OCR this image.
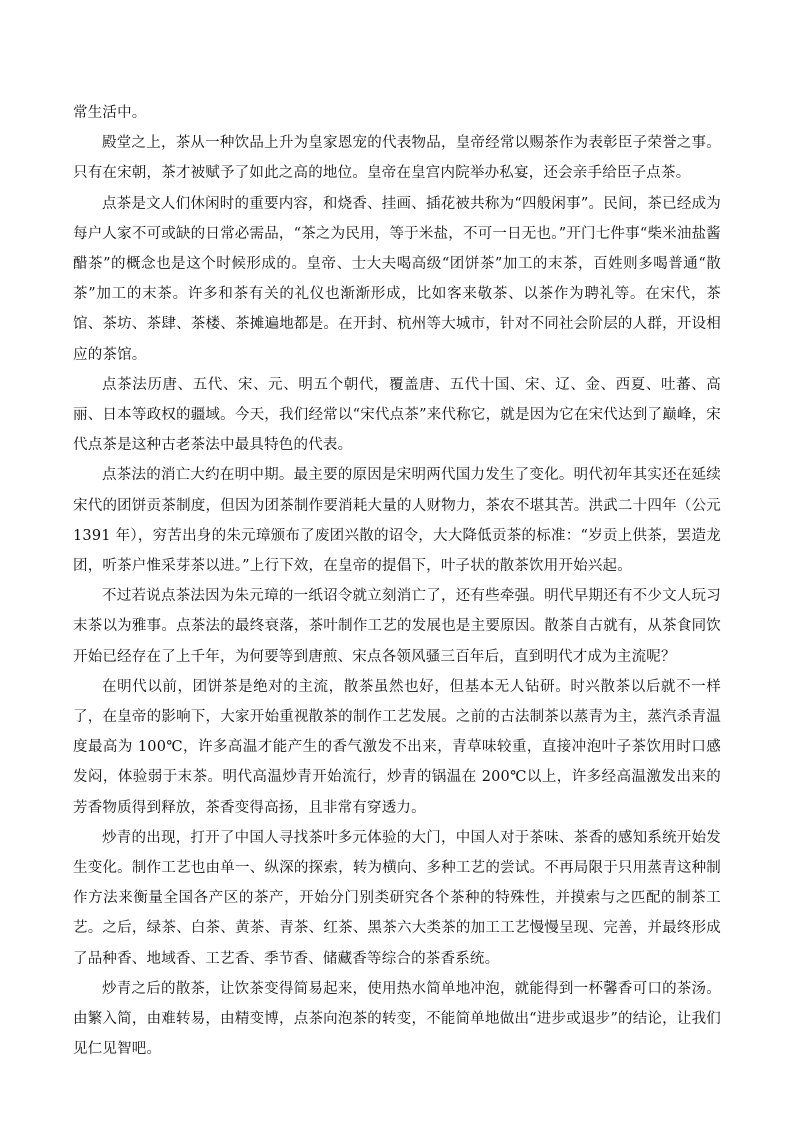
常生活中。

殿堂之上，茶从一种饮品上升为皇家恩宠的代表物品，皇帝经常以赐茶作为表彰臣子荣誉之事。只有在宋朝，茶才被赋予了如此之高的地位。皇帝在皇宫内院举办私宴，还会亲手给臣子点茶。

点茶是文人们休闲时的重要内容，和烧香、挂画、插花被共称为“四般闲事”。民间，茶已经成为每户人家不可或缺的日常必需品，“茶之为民用，等于米盐，不可一日无也。”开门七件事“柴米油盐酱醋茶”的概念也是这个时候形成的。皇帝、士大夫喝高级“团饼茶”加工的末茶，百姓则多喝普通“散茶”加工的末茶。许多和茶有关的礼仪也渐渐形成，比如客来敬茶、以茶作为聘礼等。在宋代，茶馆、茶坊、茶肆、茶楼、茶摊遍地都是。在开封、杭州等大城市，针对不同社会阶层的人群，开设相应的茶馆。

点茶法历唐、五代、宋、元、明五个朝代，覆盖唐、五代十国、宋、辽、金、西夏、吐蕃、高丽、日本等政权的疆域。今天，我们经常以“宋代点茶”来代称它，就是因为它在宋代达到了巅峰，宋代点茶是这种古老茶法中最具特色的代表。

点茶法的消亡大约在明中期。最主要的原因是宋明两代国力发生了变化。明代初年其实还在延续宋代的团饼贡茶制度，但因为团茶制作要消耗大量的人财物力，茶农不堪其苦。洪武二十四年（公元 1391 年），穷苦出身的朱元璋颁布了废团兴散的诏令，大大降低贡茶的标准：“岁贡上供茶，罢造龙团，听茶户惟采芽茶以进。”上行下效，在皇帝的提倡下，叶子状的散茶饮用开始兴起。

不过若说点茶法因为朱元璋的一纸诏令就立刻消亡了，还有些牵强。明代早期还有不少文人玩习末茶以为雅事。点茶法的最终衰落，茶叶制作工艺的发展也是主要原因。散茶自古就有，从茶食同饮开始已经存在了上千年，为何要等到唐煎、宋点各领风骚三百年后，直到明代才成为主流呢？

在明代以前，团饼茶是绝对的主流，散茶虽然也好，但基本无人钻研。时兴散茶以后就不一样了，在皇帝的影响下，大家开始重视散茶的制作工艺发展。之前的古法制茶以蒸青为主，蒸汽杀青温度最高为 100℃，许多高温才能产生的香气激发不出来，青草味较重，直接冲泡叶子茶饮用时口感发闷，体验弱于末茶。明代高温炒青开始流行，炒青的锅温在 200℃以上，许多经高温激发出来的芳香物质得到释放，茶香变得高扬，且非常有穿透力。

炒青的出现，打开了中国人寻找茶叶多元体验的大门，中国人对于茶味、茶香的感知系统开始发生变化。制作工艺也由单一、纵深的探索，转为横向、多种工艺的尝试。不再局限于只用蒸青这种制作方法来衡量全国各产区的茶产，开始分门别类研究各个茶种的特殊性，并摸索与之匹配的制茶工艺。之后，绿茶、白茶、黄茶、青茶、红茶、黑茶六大类茶的加工工艺慢慢呈现、完善，并最终形成了品种香、地域香、工艺香、季节香、储藏香等综合的茶香系统。

炒青之后的散茶，让饮茶变得简易起来，使用热水简单地冲泡，就能得到一杯馨香可口的茶汤。由繁入简，由难转易，由精变博，点茶向泡茶的转变，不能简单地做出“进步或退步”的结论，让我们见仁见智吧。
